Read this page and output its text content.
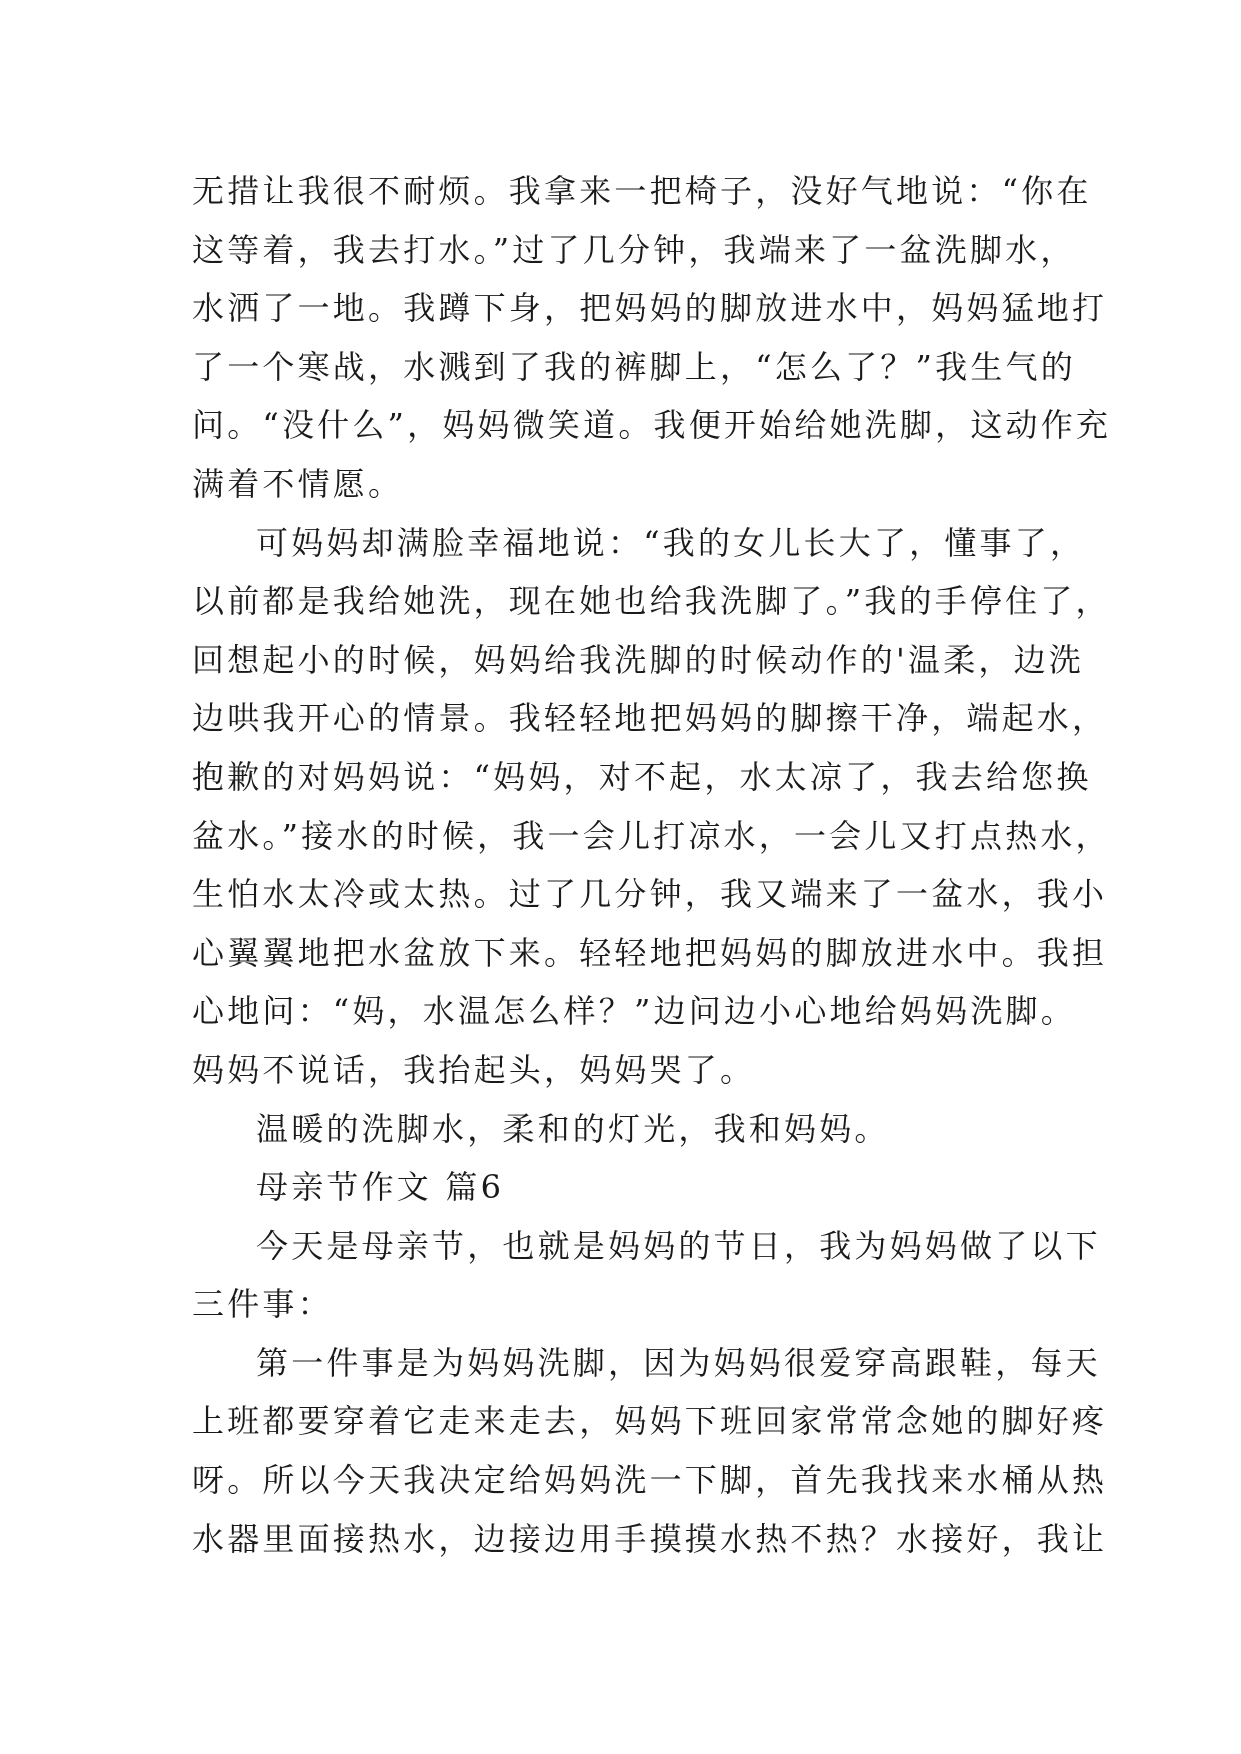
无措让我很不耐烦。我拿来一把椅子，没好气地说：“你在
这等着，我去打水。”过了几分钟，我端来了一盆洗脚水，
水洒了一地。我蹲下身，把妈妈的脚放进水中，妈妈猛地打
了一个寒战，水溅到了我的裤脚上，“怎么了？”我生气的
问。“没什么”，妈妈微笑道。我便开始给她洗脚，这动作充
满着不情愿。
可妈妈却满脸幸福地说：“我的女儿长大了，懂事了，
以前都是我给她洗，现在她也给我洗脚了。”我的手停住了，
回想起小的时候，妈妈给我洗脚的时候动作的'温柔，边洗
边哄我开心的情景。我轻轻地把妈妈的脚擦干净，端起水，
抱歉的对妈妈说：“妈妈，对不起，水太凉了，我去给您换
盆水。”接水的时候，我一会儿打凉水，一会儿又打点热水，
生怕水太冷或太热。过了几分钟，我又端来了一盆水，我小
心翼翼地把水盆放下来。轻轻地把妈妈的脚放进水中。我担
心地问：“妈，水温怎么样？”边问边小心地给妈妈洗脚。
妈妈不说话，我抬起头，妈妈哭了。
温暖的洗脚水，柔和的灯光，我和妈妈。
母亲节作文 篇6
今天是母亲节，也就是妈妈的节日，我为妈妈做了以下
三件事：
第一件事是为妈妈洗脚，因为妈妈很爱穿高跟鞋，每天
上班都要穿着它走来走去，妈妈下班回家常常念她的脚好疼
呀。所以今天我决定给妈妈洗一下脚，首先我找来水桶从热
水器里面接热水，边接边用手摸摸水热不热？水接好，我让
